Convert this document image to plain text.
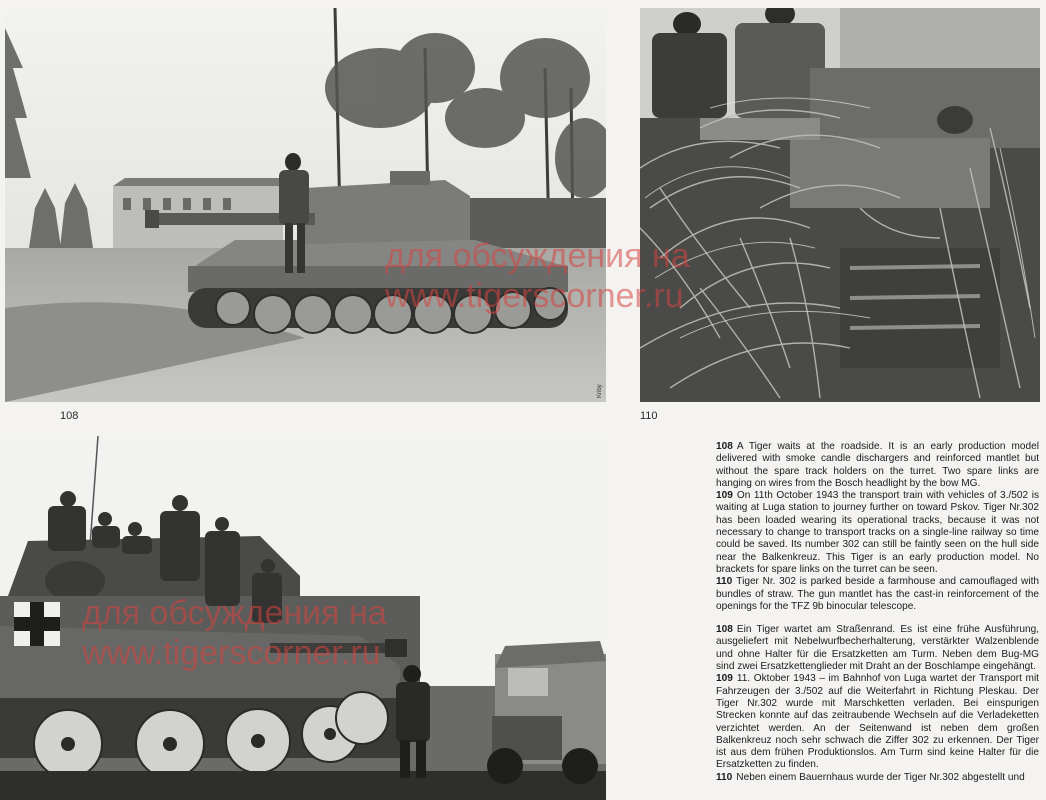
Kriby
108	110
для обсуждения на
www.tigerscorner.ru
для обсуждения на
www.tigerscorner.ru

108 A Tiger waits at the roadside. It is an early production model delivered with smoke candle dischargers and reinforced mantlet but without the spare track holders on the turret. Two spare links are hanging on wires from the Bosch headlight by the bow MG.

109 On 11th October 1943 the transport train with vehicles of 3./502 is waiting at Luga station to journey further on toward Pskov. Tiger Nr.302 has been loaded wearing its operational tracks, because it was not necessary to change to transport tracks on a single-line railway so time could be saved. Its number 302 can still be faintly seen on the hull side near the Balkenkreuz. This Tiger is an early production model. No brackets for spare links on the turret can be seen.

110 Tiger Nr. 302 is parked beside a farmhouse and camouflaged with bundles of straw. The gun mantlet has the cast-in reinforcement of the openings for the TFZ 9b binocular telescope.

108 Ein Tiger wartet am Straßenrand. Es ist eine frühe Ausführung, ausgeliefert mit Nebelwurfbecherhalterung, verstärkter Walzenblende und ohne Halter für die Ersatzketten am Turm. Neben dem Bug-MG sind zwei Ersatzkettenglieder mit Draht an der Boschlampe eingehängt.

109 11. Oktober 1943 – im Bahnhof von Luga wartet der Transport mit Fahrzeugen der 3./502 auf die Weiterfahrt in Richtung Pleskau. Der Tiger Nr.302 wurde mit Marschketten verladen. Bei einspurigen Strecken konnte auf das zeitraubende Wechseln auf die Verladeketten verzichtet werden. An der Seitenwand ist neben dem großen Balkenkreuz noch sehr schwach die Ziffer 302 zu erkennen. Der Tiger ist aus dem frühen Produktionslos. Am Turm sind keine Halter für die Ersatzketten zu finden.

110 Neben einem Bauernhaus wurde der Tiger Nr.302 abgestellt und
